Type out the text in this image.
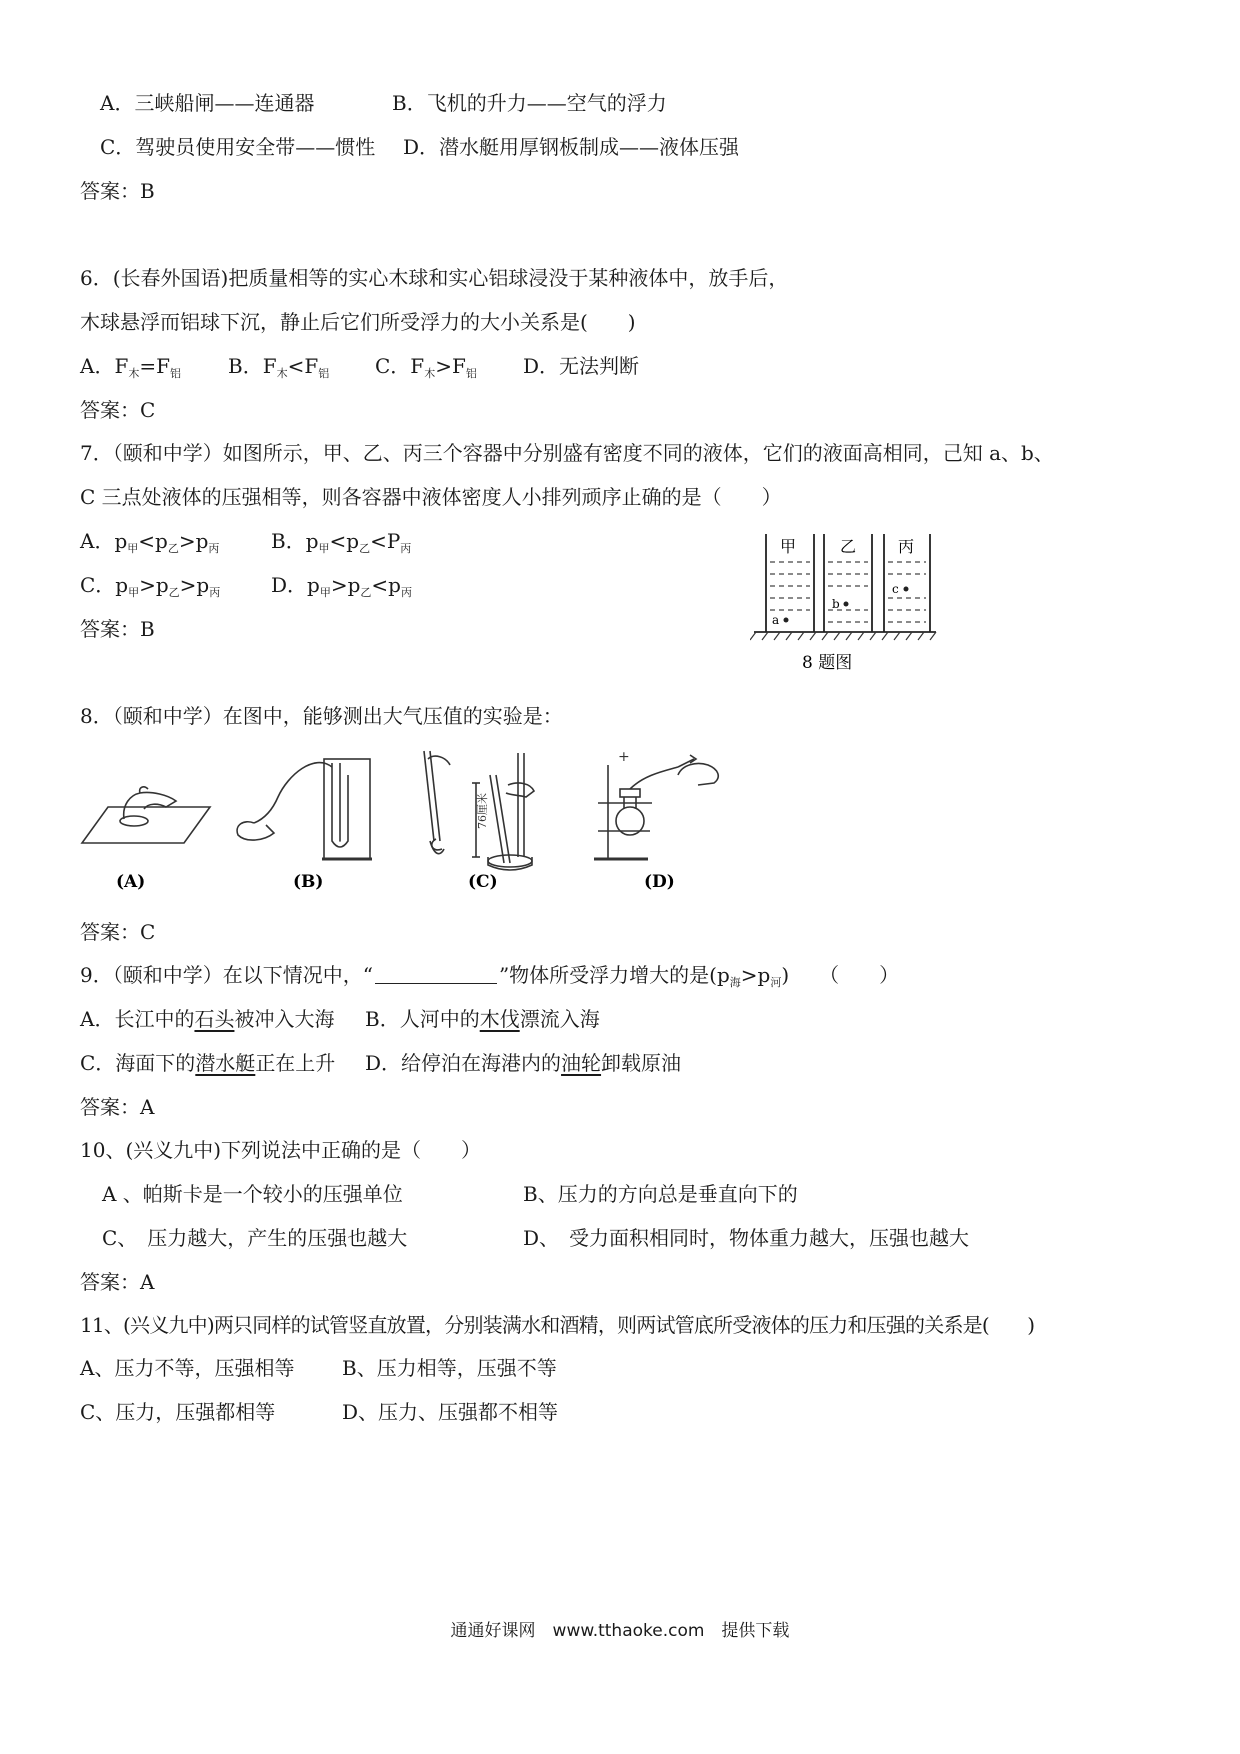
A．三峡船闸——连通器	B．飞机的升力——空气的浮力
C．驾驶员使用安全带——惯性 D．潜水艇用厚钢板制成——液体压强
答案：B
6．(长春外国语)把质量相等的实心木球和实心铝球浸没于某种液体中，放手后，
木球悬浮而铝球下沉，静止后它们所受浮力的大小关系是(　　)
A．$F_木=F_铝$ B．$F_木<F_铝$ C．$F_木>F_铝$ D．无法判断
答案：C
7．（颐和中学）如图所示，甲、乙、丙三个容器中分别盛有密度不同的液体，它们的液面高相同，己知 a、b、
C 三点处液体的压强相等，则各容器中液体密度人小排列顽序止确的是（　　）
A．$p_甲<p_乙>p_丙$	B．$p_甲<p_乙<P_丙$
C．$p_甲>p_乙>p_丙$	D．$p_甲>p_乙<p_丙$
答案：B
甲	乙	丙
a
b
c
8 题图
8．（颐和中学）在图中，能够测出大气压值的实验是：
+
76厘米
(A)	(B)	(C)	(D)
答案：C
9．（颐和中学）在以下情况中，“	”物体所受浮力增大的是$(p_海>p_河)$　　（　　）
A．长江中的石头被冲入大海 B．人河中的木伐漂流入海
C．海面下的潜水艇正在上升 D．给停泊在海港内的油轮卸载原油
答案：A
10、(兴义九中)下列说法中正确的是（　　）
A 、帕斯卡是一个较小的压强单位	B、压力的方向总是垂直向下的
C、　压力越大，产生的压强也越大	D、　受力面积相同时，物体重力越大，压强也越大
答案：A
11、(兴义九中)两只同样的试管竖直放置，分别装满水和酒精，则两试管底所受液体的压力和压强的关系是(　　)
A、压力不等，压强相等 B、压力相等，压强不等
C、压力，压强都相等	D、压力、压强都不相等
通通好课网　www.tthaoke.com　提供下载
